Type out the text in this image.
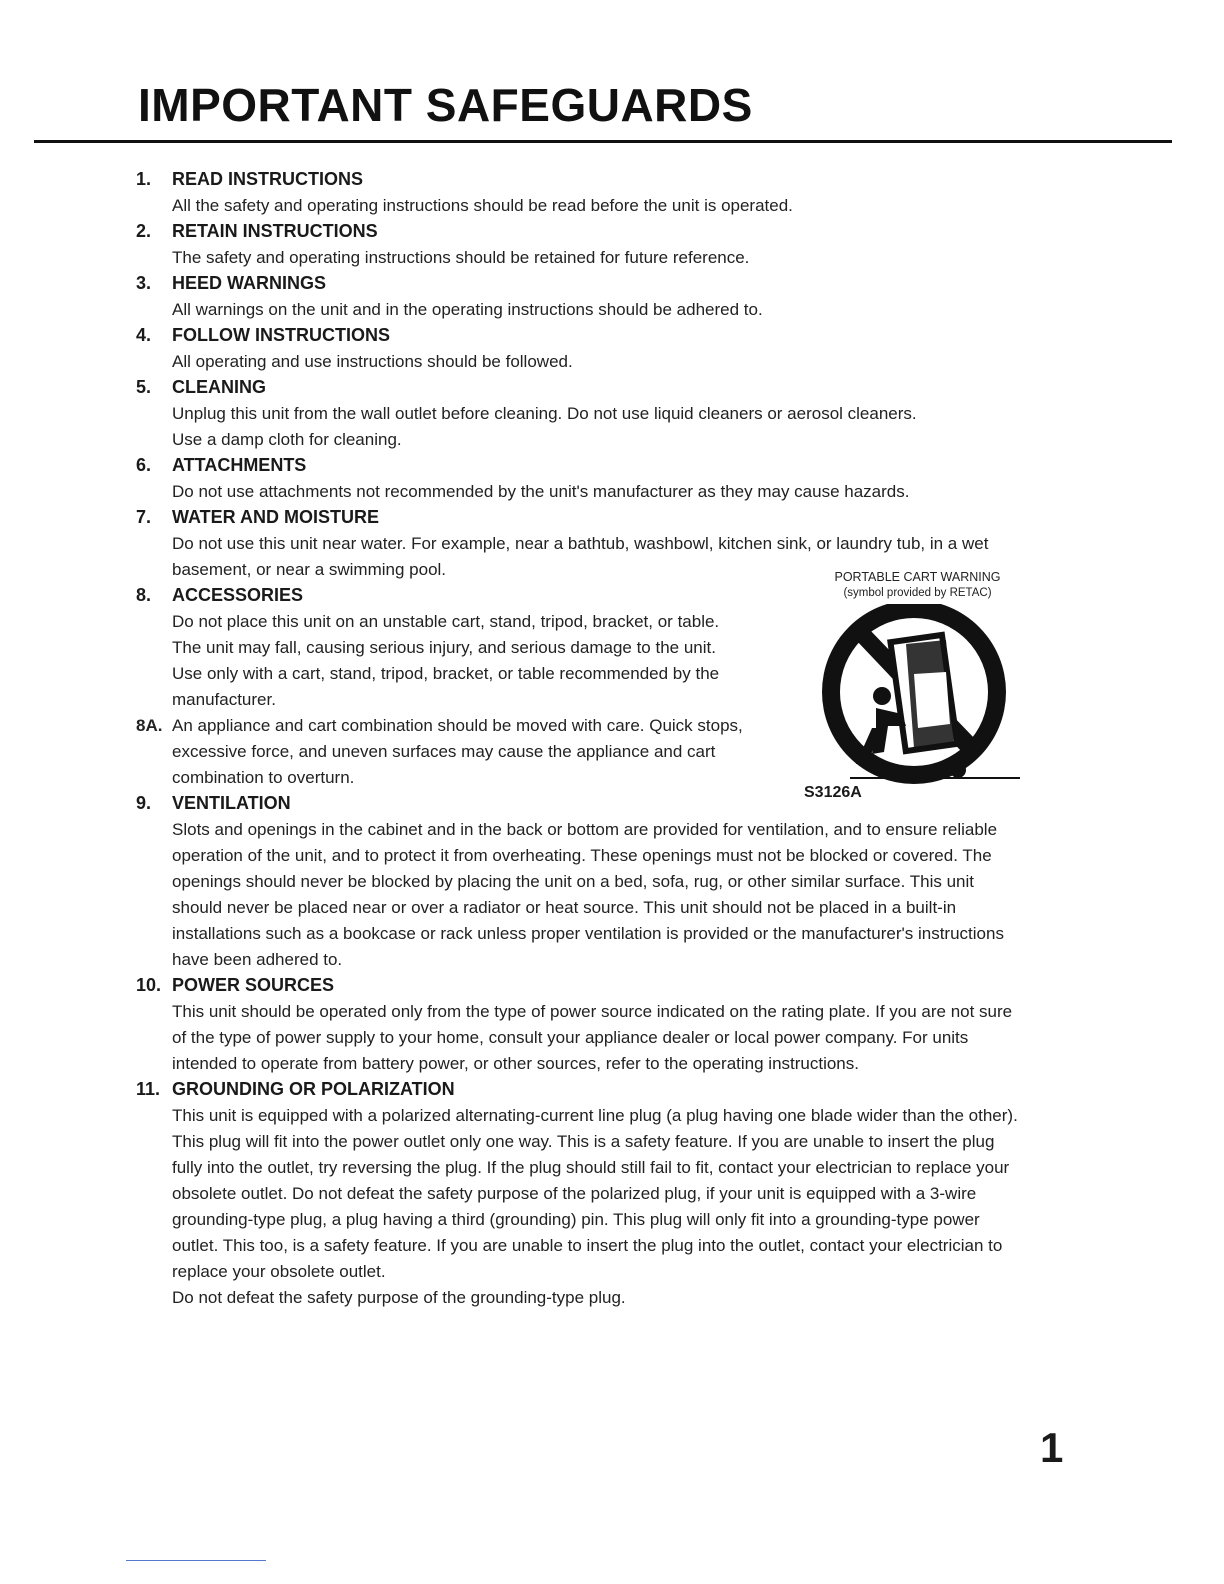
IMPORTANT SAFEGUARDS
1. READ INSTRUCTIONS
All the safety and operating instructions should be read before the unit is operated.
2. RETAIN INSTRUCTIONS
The safety and operating instructions should be retained for future reference.
3. HEED WARNINGS
All warnings on the unit and in the operating instructions should be adhered to.
4. FOLLOW INSTRUCTIONS
All operating and use instructions should be followed.
5. CLEANING
Unplug this unit from the wall outlet before cleaning. Do not use liquid cleaners or aerosol cleaners.
Use a damp cloth for cleaning.
6. ATTACHMENTS
Do not use attachments not recommended by the unit's manufacturer as they may cause hazards.
7. WATER AND MOISTURE
Do not use this unit near water. For example, near a bathtub, washbowl, kitchen sink, or laundry tub, in a wet
basement, or near a swimming pool.
8. ACCESSORIES
Do not place this unit on an unstable cart, stand, tripod, bracket, or table.
The unit may fall, causing serious injury, and serious damage to the unit.
Use only with a cart, stand, tripod, bracket, or table recommended by the
manufacturer.
8A. An appliance and cart combination should be moved with care. Quick stops,
excessive force, and uneven surfaces may cause the appliance and cart
combination to overturn.
9. VENTILATION
Slots and openings in the cabinet and in the back or bottom are provided for ventilation, and to ensure reliable
operation of the unit, and to protect it from overheating. These openings must not be blocked or covered. The
openings should never be blocked by placing the unit on a bed, sofa, rug, or other similar surface. This unit
should never be placed near or over a radiator or heat source. This unit should not be placed in a built-in
installations such as a bookcase or rack unless proper ventilation is provided or the manufacturer's instructions
have been adhered to.
10. POWER SOURCES
This unit should be operated only from the type of power source indicated on the rating plate. If you are not sure
of the type of power supply to your home, consult your appliance dealer or local power company. For units
intended to operate from battery power, or other sources, refer to the operating instructions.
11. GROUNDING OR POLARIZATION
This unit is equipped with a polarized alternating-current line plug (a plug having one blade wider than the other).
This plug will fit into the power outlet only one way. This is a safety feature. If you are unable to insert the plug
fully into the outlet, try reversing the plug. If the plug should still fail to fit, contact your electrician to replace your
obsolete outlet. Do not defeat the safety purpose of the polarized plug, if your unit is equipped with a 3-wire
grounding-type plug, a plug having a third (grounding) pin. This plug will only fit into a grounding-type power
outlet. This too, is a safety feature. If you are unable to insert the plug into the outlet, contact your electrician to
replace your obsolete outlet.
Do not defeat the safety purpose of the grounding-type plug.
PORTABLE CART WARNING
(symbol provided by RETAC)
S3126A
1
